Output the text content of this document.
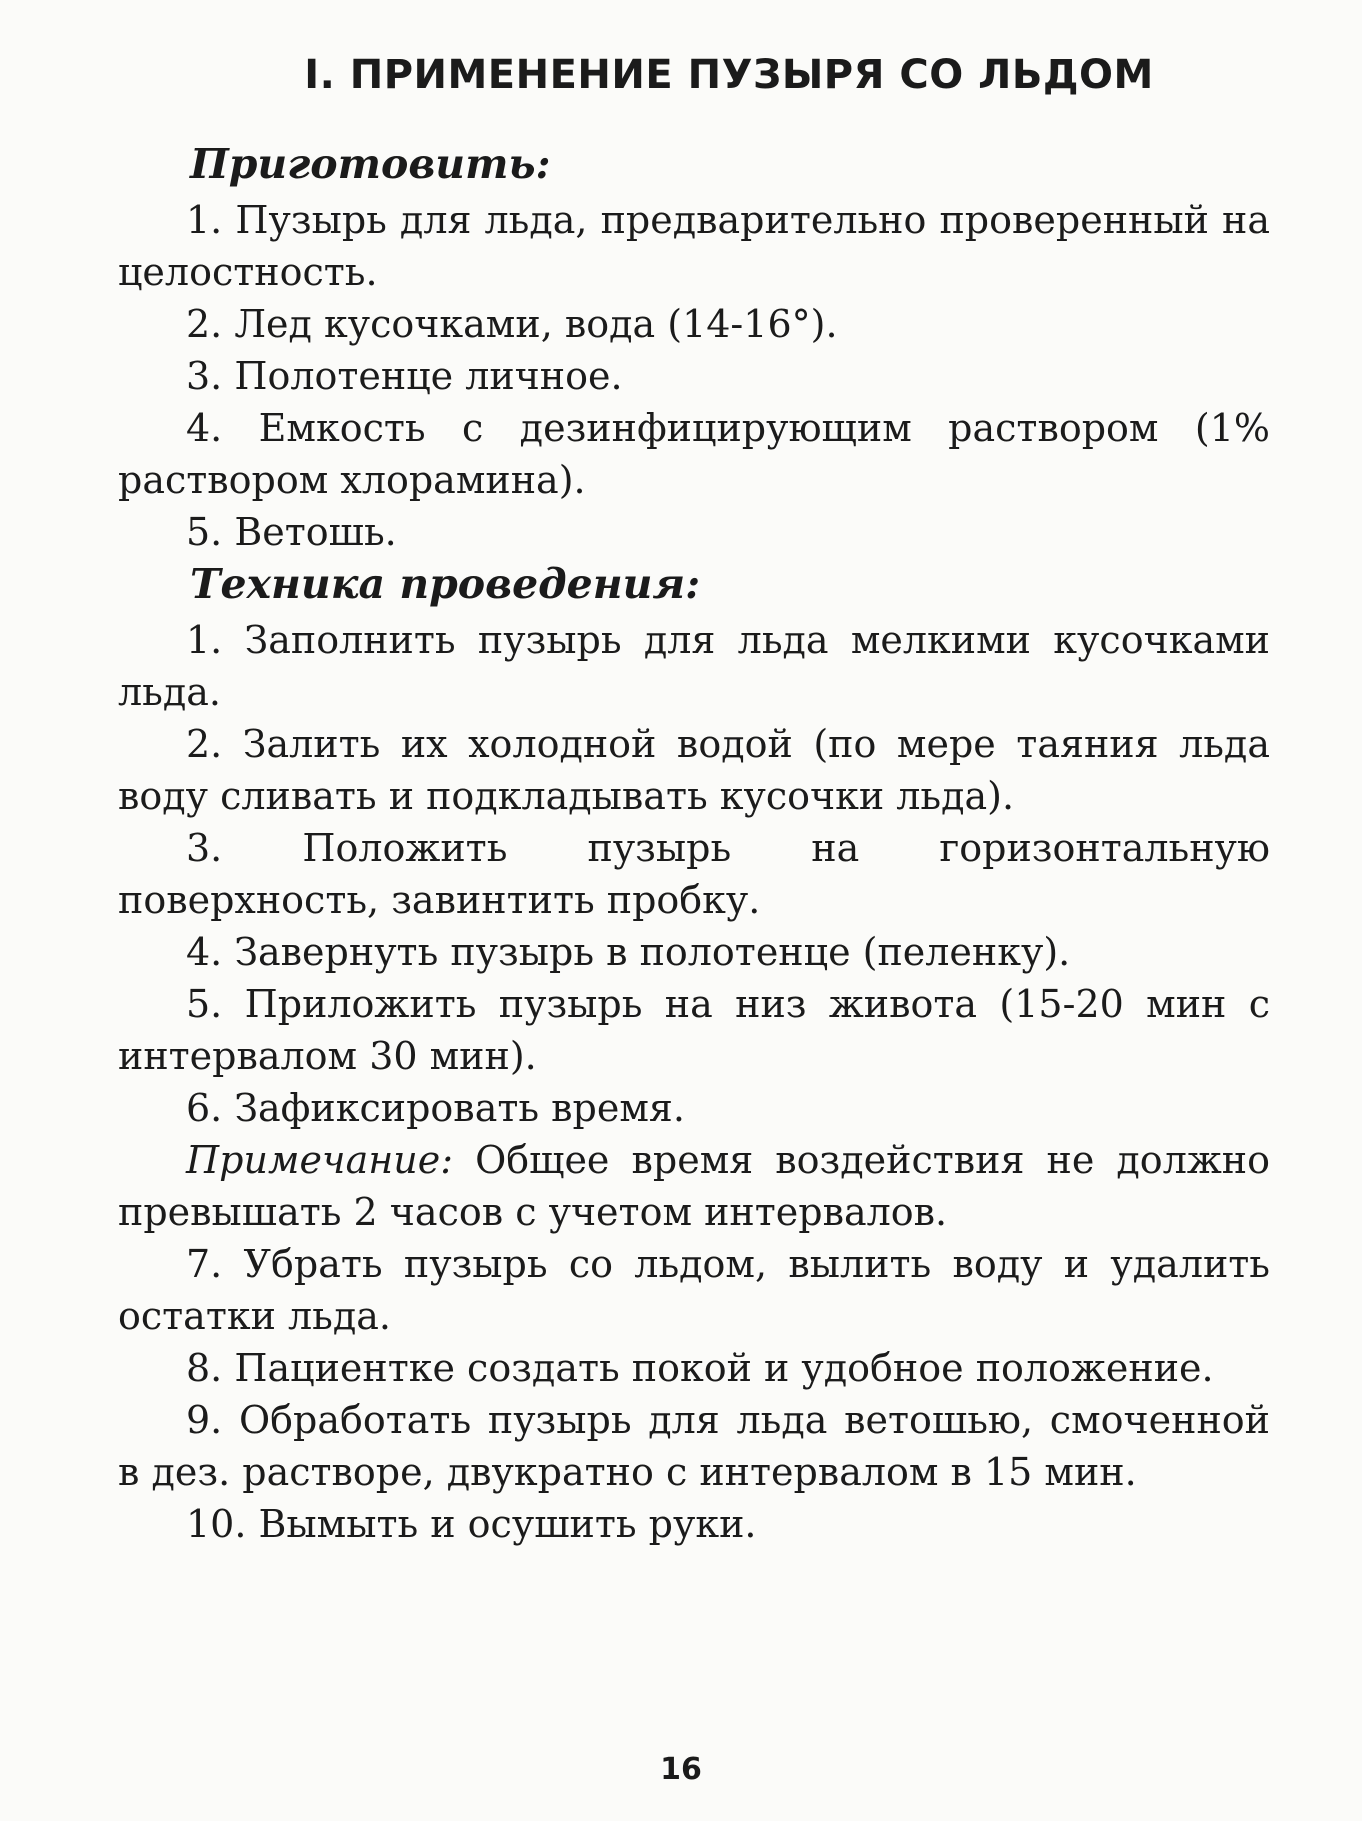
I. ПРИМЕНЕНИЕ ПУЗЫРЯ СО ЛЬДОМ
Приготовить:

1. Пузырь для льда, предварительно проверенный на целостность.

2. Лед кусочками, вода (14-16°).

3. Полотенце личное.

4. Емкость с дезинфицирующим раствором (1% раствором хлорамина).

5. Ветошь.

Техника проведения:

1. Заполнить пузырь для льда мелкими кусочками льда.

2. Залить их холодной водой (по мере таяния льда воду сливать и подкладывать кусочки льда).

3. Положить пузырь на горизонтальную поверхность, завинтить пробку.

4. Завернуть пузырь в полотенце (пеленку).

5. Приложить пузырь на низ живота (15-20 мин с интервалом 30 мин).

6. Зафиксировать время.

Примечание: Общее время воздействия не должно превышать 2 часов с учетом интервалов.

7. Убрать пузырь со льдом, вылить воду и удалить остатки льда.

8. Пациентке создать покой и удобное положение.

9. Обработать пузырь для льда ветошью, смоченной в дез. растворе, двукратно с интервалом в 15 мин.

10. Вымыть и осушить руки.

16
